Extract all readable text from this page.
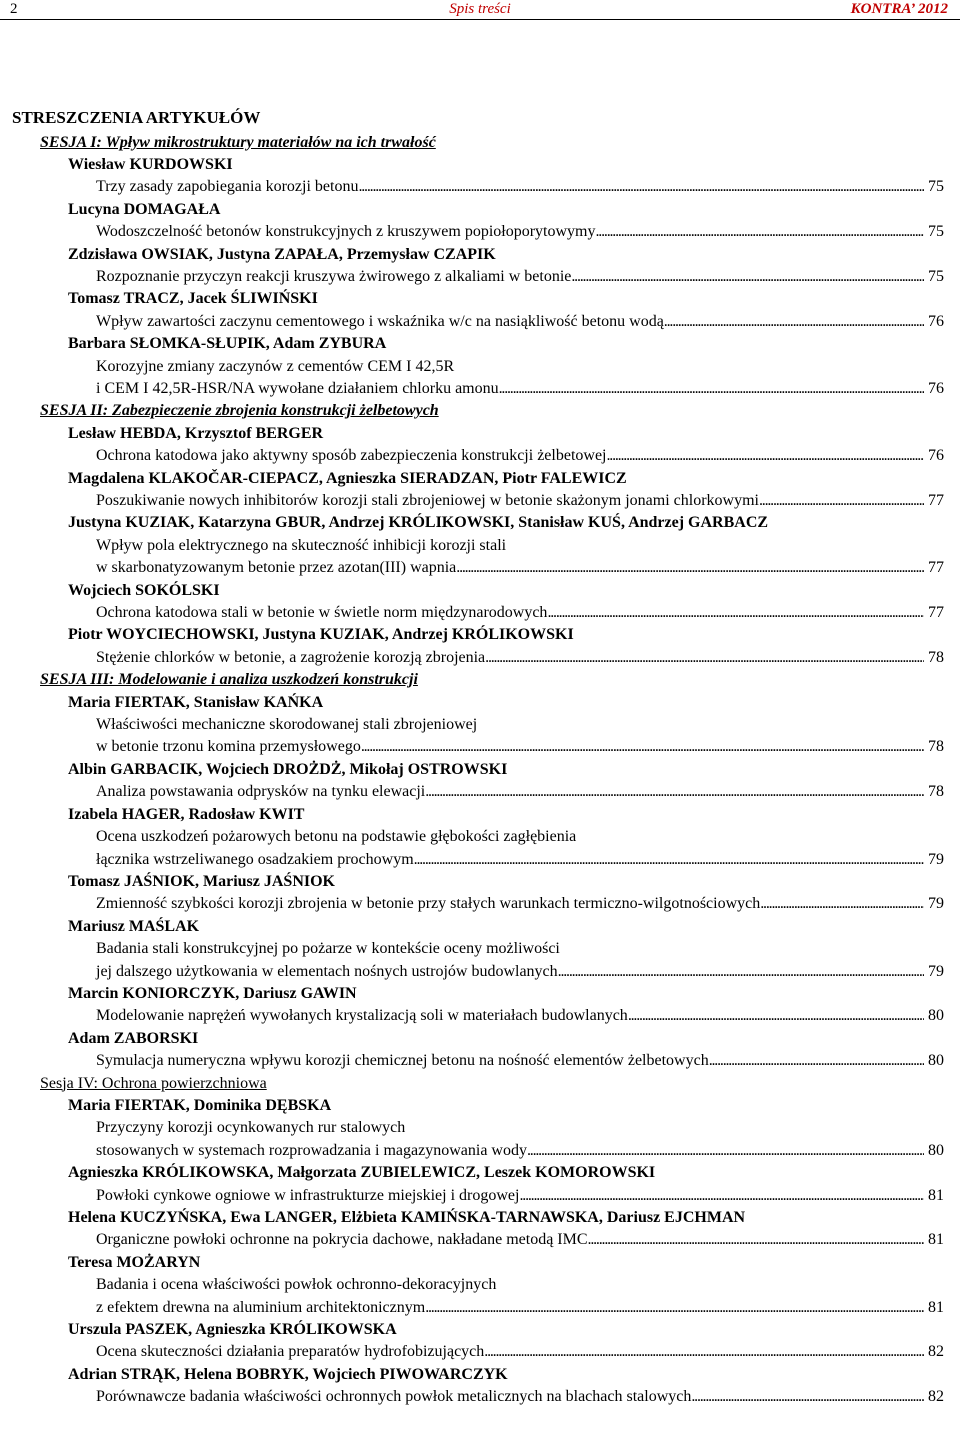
2	Spis treści	KONTRA’ 2012
STRESZCZENIA ARTYKUŁÓW
SESJA I: Wpływ mikrostruktury materiałów na ich trwałość
Wiesław KURDOWSKI
Trzy zasady zapobiegania korozji betonu . . .	75
Lucyna DOMAGAŁA
Wodoszczelność betonów konstrukcyjnych z kruszywem popiołoporytowymy . . .	75
Zdzisława OWSIAK, Justyna ZAPAŁA, Przemysław CZAPIK
Rozpoznanie przyczyn reakcji kruszywa żwirowego z alkaliami w betonie . . .	75
Tomasz TRACZ, Jacek ŚLIWIŃSKI
Wpływ zawartości zaczynu cementowego i wskaźnika w/c na nasiąkliwość betonu wodą . . .	76
Barbara SŁOMKA-SŁUPIK, Adam ZYBURA
Korozyjne zmiany zaczynów z cementów CEM I 42,5R
i CEM I 42,5R-HSR/NA wywołane działaniem chlorku amonu . . .	76
SESJA II: Zabezpieczenie zbrojenia konstrukcji żelbetowych
Lesław HEBDA, Krzysztof BERGER
Ochrona katodowa jako aktywny sposób zabezpieczenia konstrukcji żelbetowej . . .	76
Magdalena KLAKOČAR-CIEPACZ, Agnieszka SIERADZAN, Piotr FALEWICZ
Poszukiwanie nowych inhibitorów korozji stali zbrojeniowej w betonie skażonym jonami chlorkowymi . . .	77
Justyna KUZIAK, Katarzyna GBUR, Andrzej KRÓLIKOWSKI, Stanisław KUŚ, Andrzej GARBACZ
Wpływ pola elektrycznego na skuteczność inhibicji korozji stali
w skarbonatyzowanym betonie przez azotan(III) wapnia . . .	77
Wojciech SOKÓLSKI
Ochrona katodowa stali w betonie w świetle norm międzynarodowych . . .	77
Piotr WOYCIECHOWSKI, Justyna KUZIAK, Andrzej KRÓLIKOWSKI
Stężenie chlorków w betonie, a zagrożenie korozją zbrojenia . . .	78
SESJA III: Modelowanie i analiza uszkodzeń konstrukcji
Maria FIERTAK, Stanisław KAŃKA
Właściwości mechaniczne skorodowanej stali zbrojeniowej
w betonie trzonu komina przemysłowego . . .	78
Albin GARBACIK, Wojciech DROŻDŻ, Mikołaj OSTROWSKI
Analiza powstawania odprysków na tynku elewacji . . .	78
Izabela HAGER, Radosław KWIT
Ocena uszkodzeń pożarowych betonu na podstawie głębokości zagłębienia
łącznika wstrzeliwanego osadzakiem prochowym . . .	79
Tomasz JAŚNIOK, Mariusz JAŚNIOK
Zmienność szybkości korozji zbrojenia w betonie przy stałych warunkach termiczno-wilgotnościowych . . .	79
Mariusz MAŚLAK
Badania stali konstrukcyjnej po pożarze w kontekście oceny możliwości
jej dalszego użytkowania w elementach nośnych ustrojów budowlanych . . .	79
Marcin KONIORCZYK, Dariusz GAWIN
Modelowanie naprężeń wywołanych krystalizacją soli w materiałach budowlanych . . .	80
Adam ZABORSKI
Symulacja numeryczna wpływu korozji chemicznej betonu na nośność elementów żelbetowych . . .	80
Sesja IV: Ochrona powierzchniowa
Maria FIERTAK, Dominika DĘBSKA
Przyczyny korozji ocynkowanych rur stalowych
stosowanych w systemach rozprowadzania i magazynowania wody . . .	80
Agnieszka KRÓLIKOWSKA, Małgorzata ZUBIELEWICZ, Leszek KOMOROWSKI
Powłoki cynkowe ogniowe w infrastrukturze miejskiej i drogowej . . .	81
Helena KUCZYŃSKA, Ewa LANGER, Elżbieta KAMIŃSKA-TARNAWSKA, Dariusz EJCHMAN
Organiczne powłoki ochronne na pokrycia dachowe, nakładane metodą IMC . . .	81
Teresa MOŻARYN
Badania i ocena właściwości powłok ochronno-dekoracyjnych
z efektem drewna na aluminium architektonicznym . . .	81
Urszula PASZEK, Agnieszka KRÓLIKOWSKA
Ocena skuteczności działania preparatów hydrofobizujących . . .	82
Adrian STRĄK, Helena BOBRYK, Wojciech PIWOWARCZYK
Porównawcze badania właściwości ochronnych powłok metalicznych na blachach stalowych . . .	82
